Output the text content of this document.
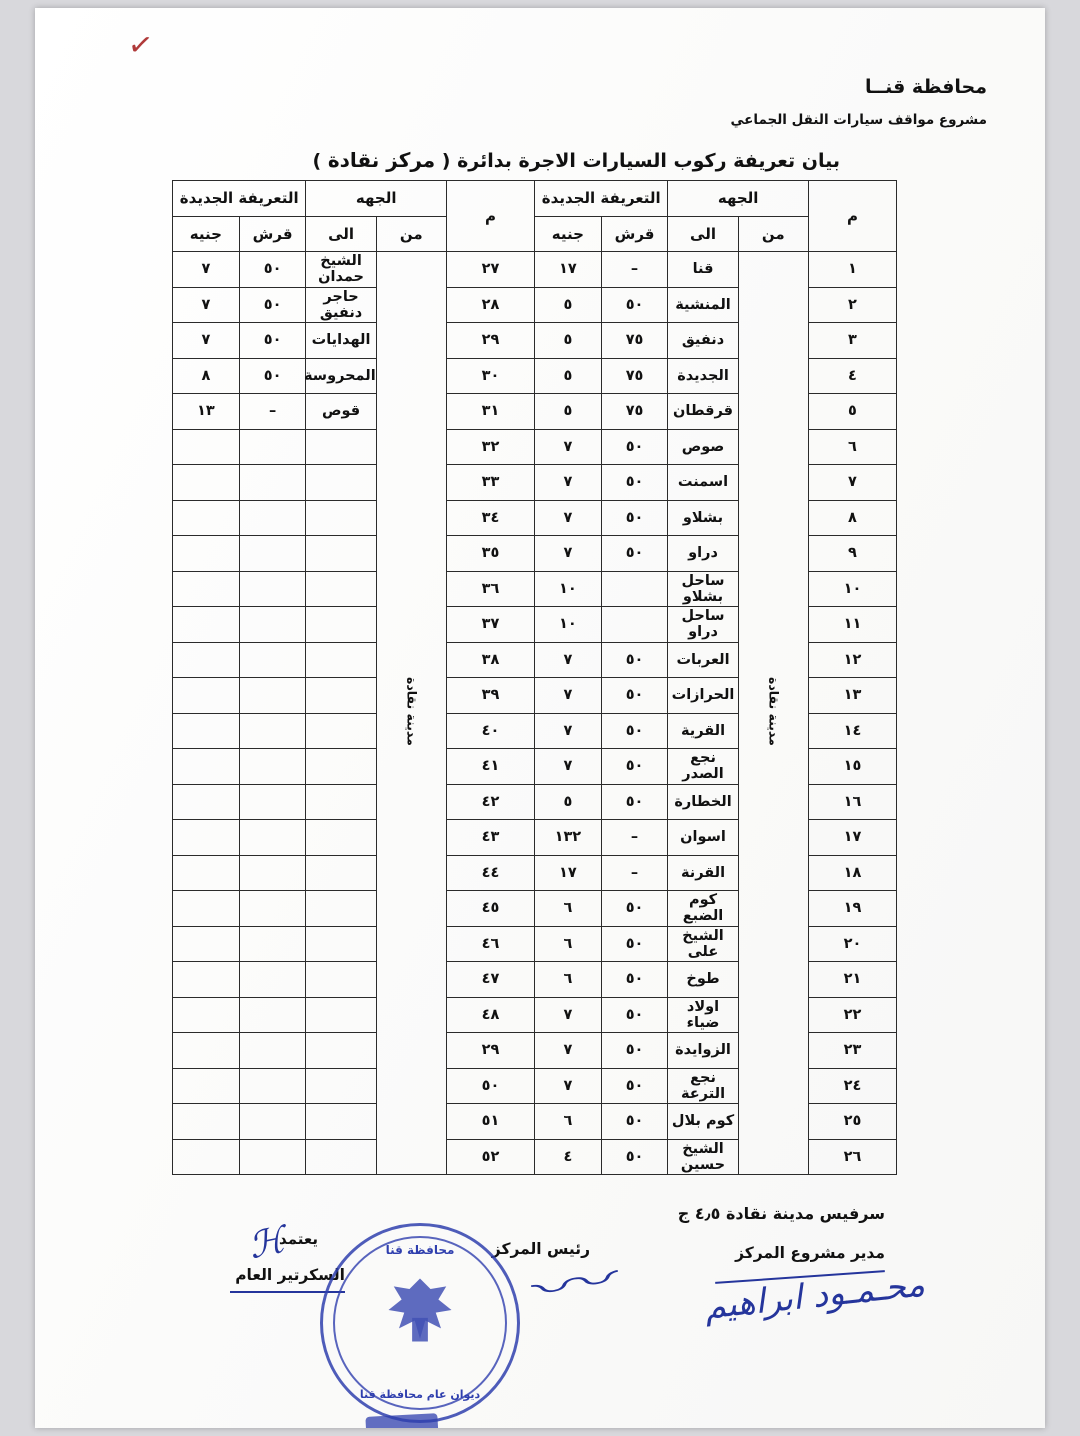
✓
محافظة قنــا
مشروع مواقف سيارات النقل الجماعي
بيان تعريفة ركوب السيارات الاجرة بدائرة ( مركز نقادة )
م	الجهه		التعريفة الجديدة		م	الجهه		التعريفة الجديدة	
	من	الى	قرش	جنيه		من	الى	قرش	جنيه
١	مدينة نقادة	قنا	–	١٧	٢٧	مدينة نقادة	الشيخ حمدان	٥٠	٧
٢		المنشية	٥٠	٥	٢٨		حاجر دنفيق	٥٠	٧
٣		دنفيق	٧٥	٥	٢٩		الهدايات	٥٠	٧
٤		الجديدة	٧٥	٥	٣٠		المحروسة	٥٠	٨
٥		قرقطان	٧٥	٥	٣١		قوص	–	١٣
٦		صوص	٥٠	٧	٣٢				
٧		اسمنت	٥٠	٧	٣٣				
٨		بشلاو	٥٠	٧	٣٤				
٩		دراو	٥٠	٧	٣٥				
١٠		ساحل بشلاو		١٠	٣٦				
١١		ساحل دراو		١٠	٣٧				
١٢		العربات	٥٠	٧	٣٨				
١٣		الحرازات	٥٠	٧	٣٩				
١٤		القرية	٥٠	٧	٤٠				
١٥		نجع الصدر	٥٠	٧	٤١				
١٦		الخطارة	٥٠	٥	٤٢				
١٧		اسوان	–	١٣٢	٤٣				
١٨		القرنة	–	١٧	٤٤				
١٩		كوم الضبع	٥٠	٦	٤٥				
٢٠		الشيخ على	٥٠	٦	٤٦				
٢١		طوخ	٥٠	٦	٤٧				
٢٢		اولاد ضياء	٥٠	٧	٤٨				
٢٣		الزوايدة	٥٠	٧	٢٩				
٢٤		نجع الترعة	٥٠	٧	٥٠				
٢٥		كوم بلال	٥٠	٦	٥١				
٢٦		الشيخ حسين	٥٠	٤	٥٢				
سرفيس مدينة نقادة ٤٫٥ ج
مدير مشروع المركز
رئيس المركز
يعتمد
السكرتير العام	محـمـود ابراهيم
〰
ℋ	محافظة قنا
ديوان عام محافظة قنا
